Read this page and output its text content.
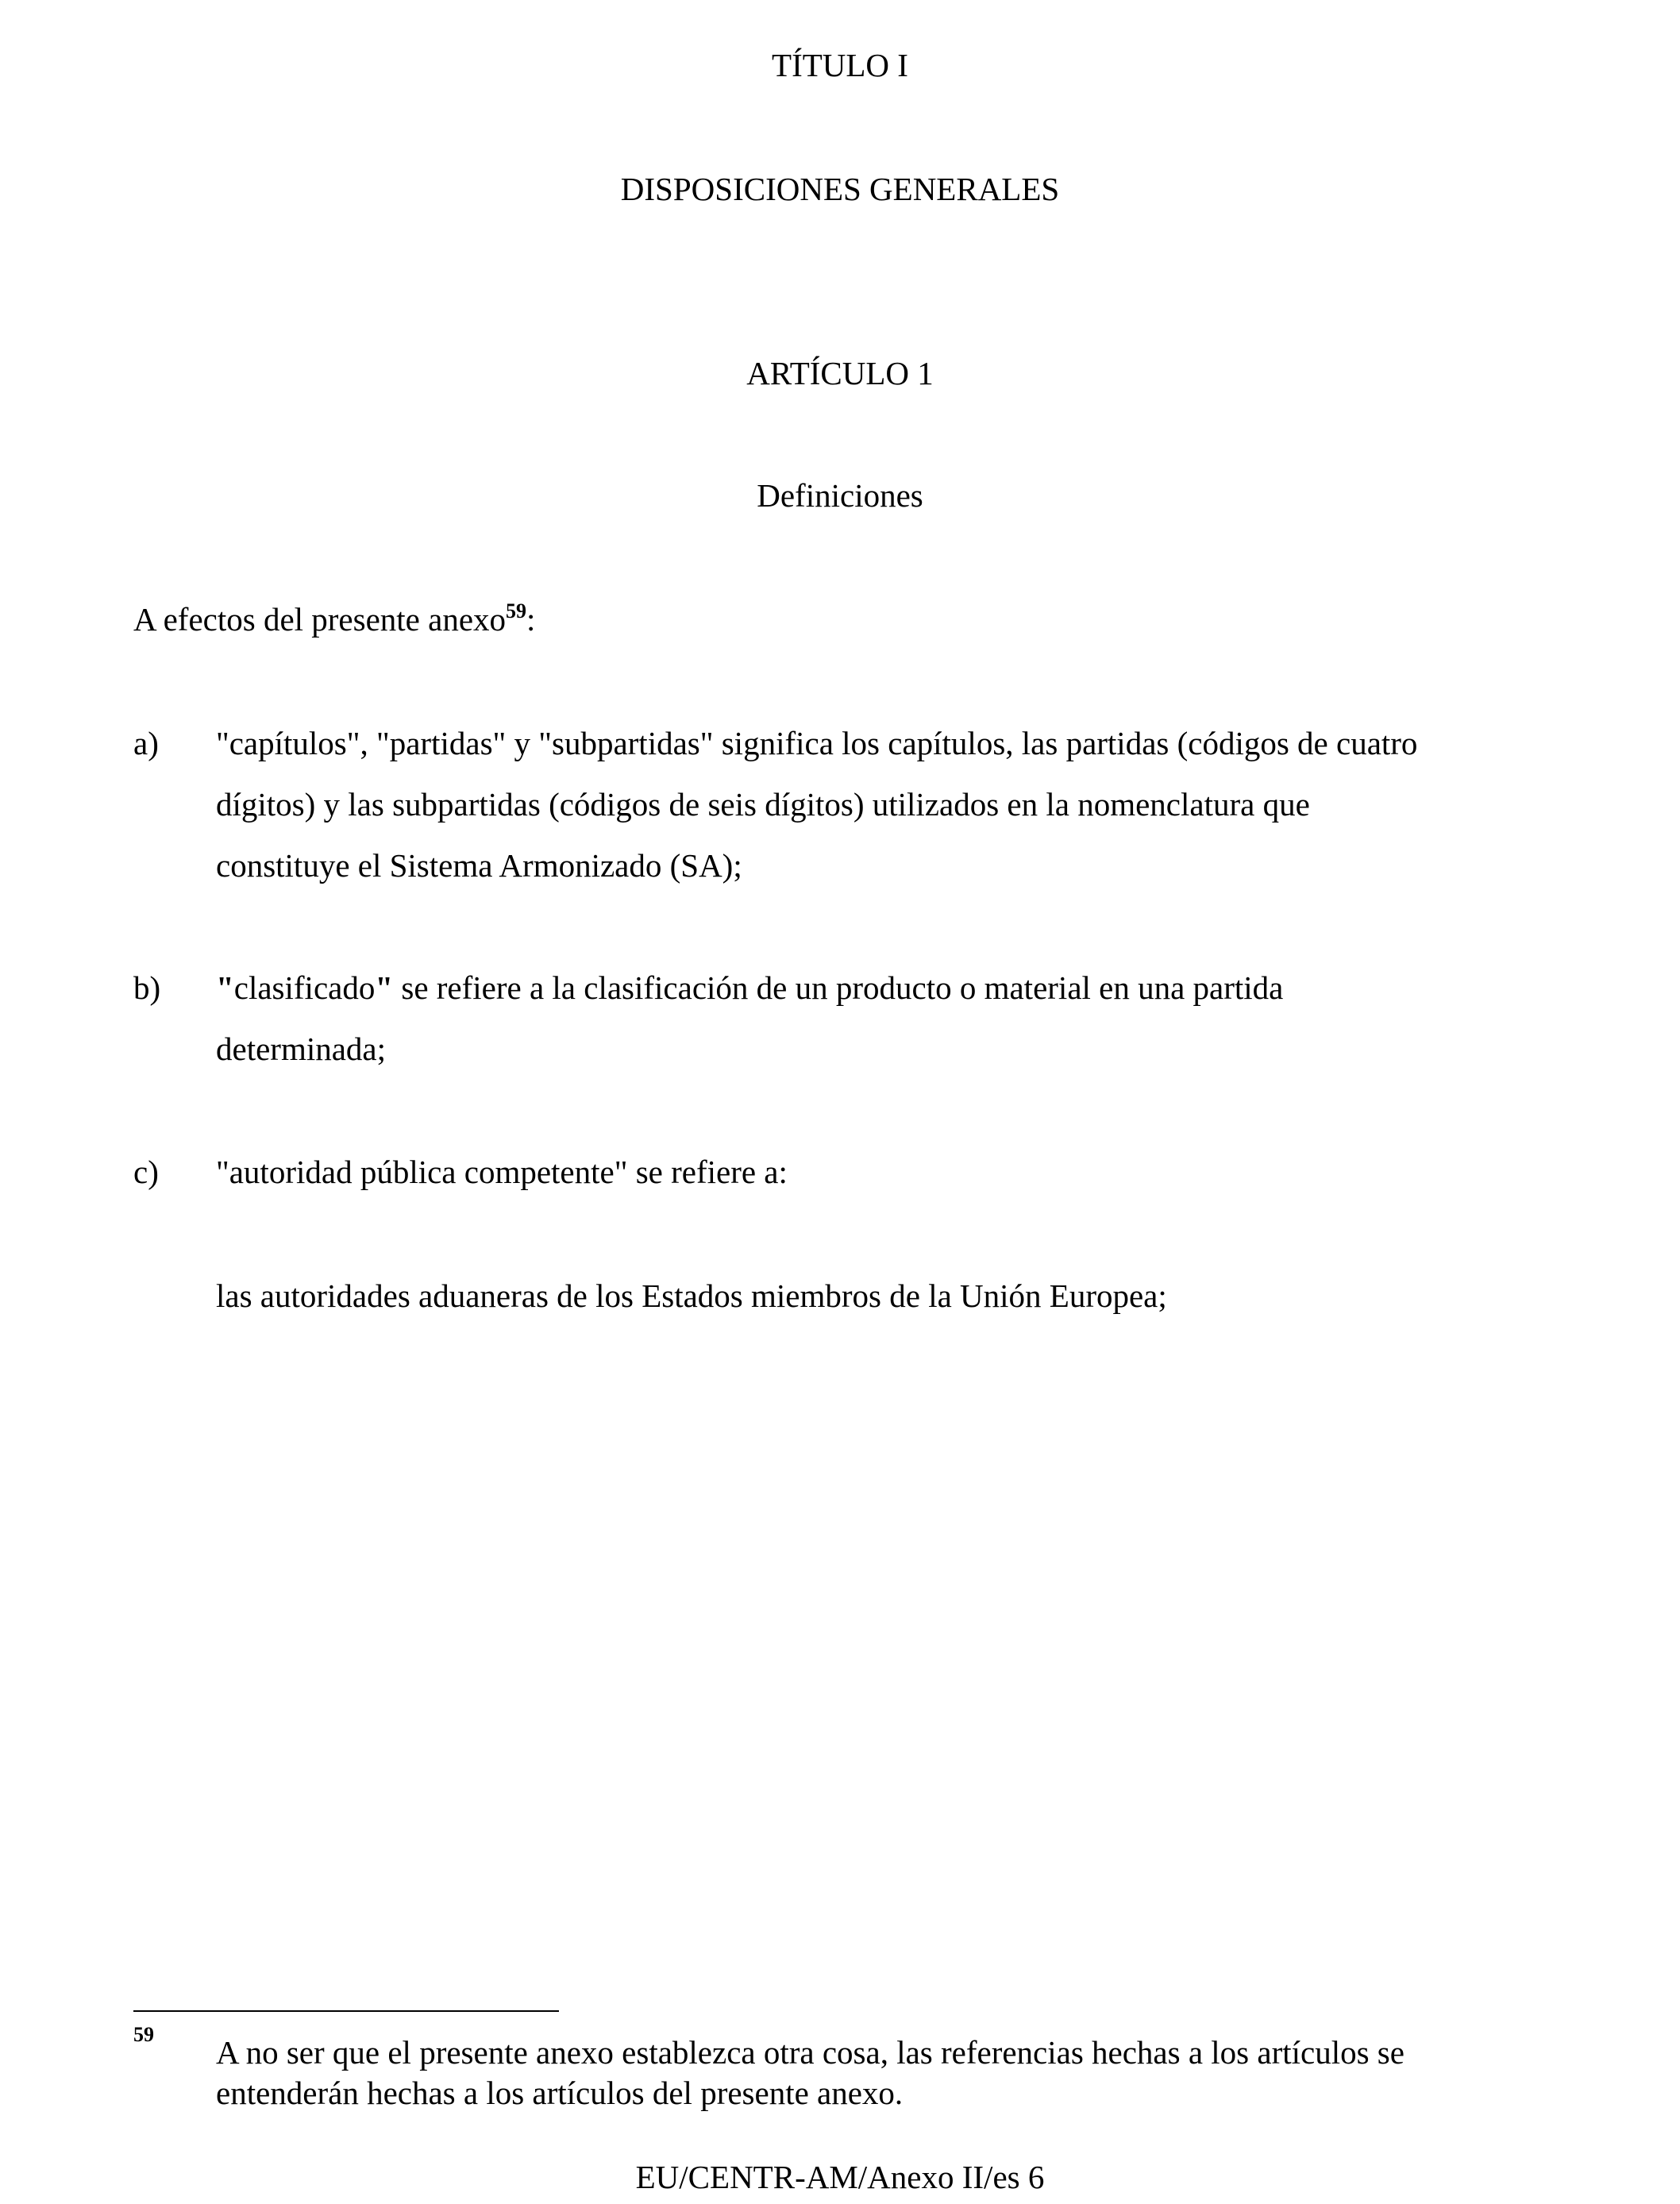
TÍTULO I
DISPOSICIONES GENERALES
ARTÍCULO 1
Definiciones
A efectos del presente anexo$^{59}$:
a) "capítulos", "partidas" y "subpartidas" significa los capítulos, las partidas (códigos de cuatro
dígitos) y las subpartidas (códigos de seis dígitos) utilizados en la nomenclatura que
constituye el Sistema Armonizado (SA);
b) "clasificado" se refiere a la clasificación de un producto o material en una partida
determinada;
c) "autoridad pública competente" se refiere a:
las autoridades aduaneras de los Estados miembros de la Unión Europea;
59 A no ser que el presente anexo establezca otra cosa, las referencias hechas a los artículos se
entenderán hechas a los artículos del presente anexo.
EU/CENTR-AM/Anexo II/es 6
